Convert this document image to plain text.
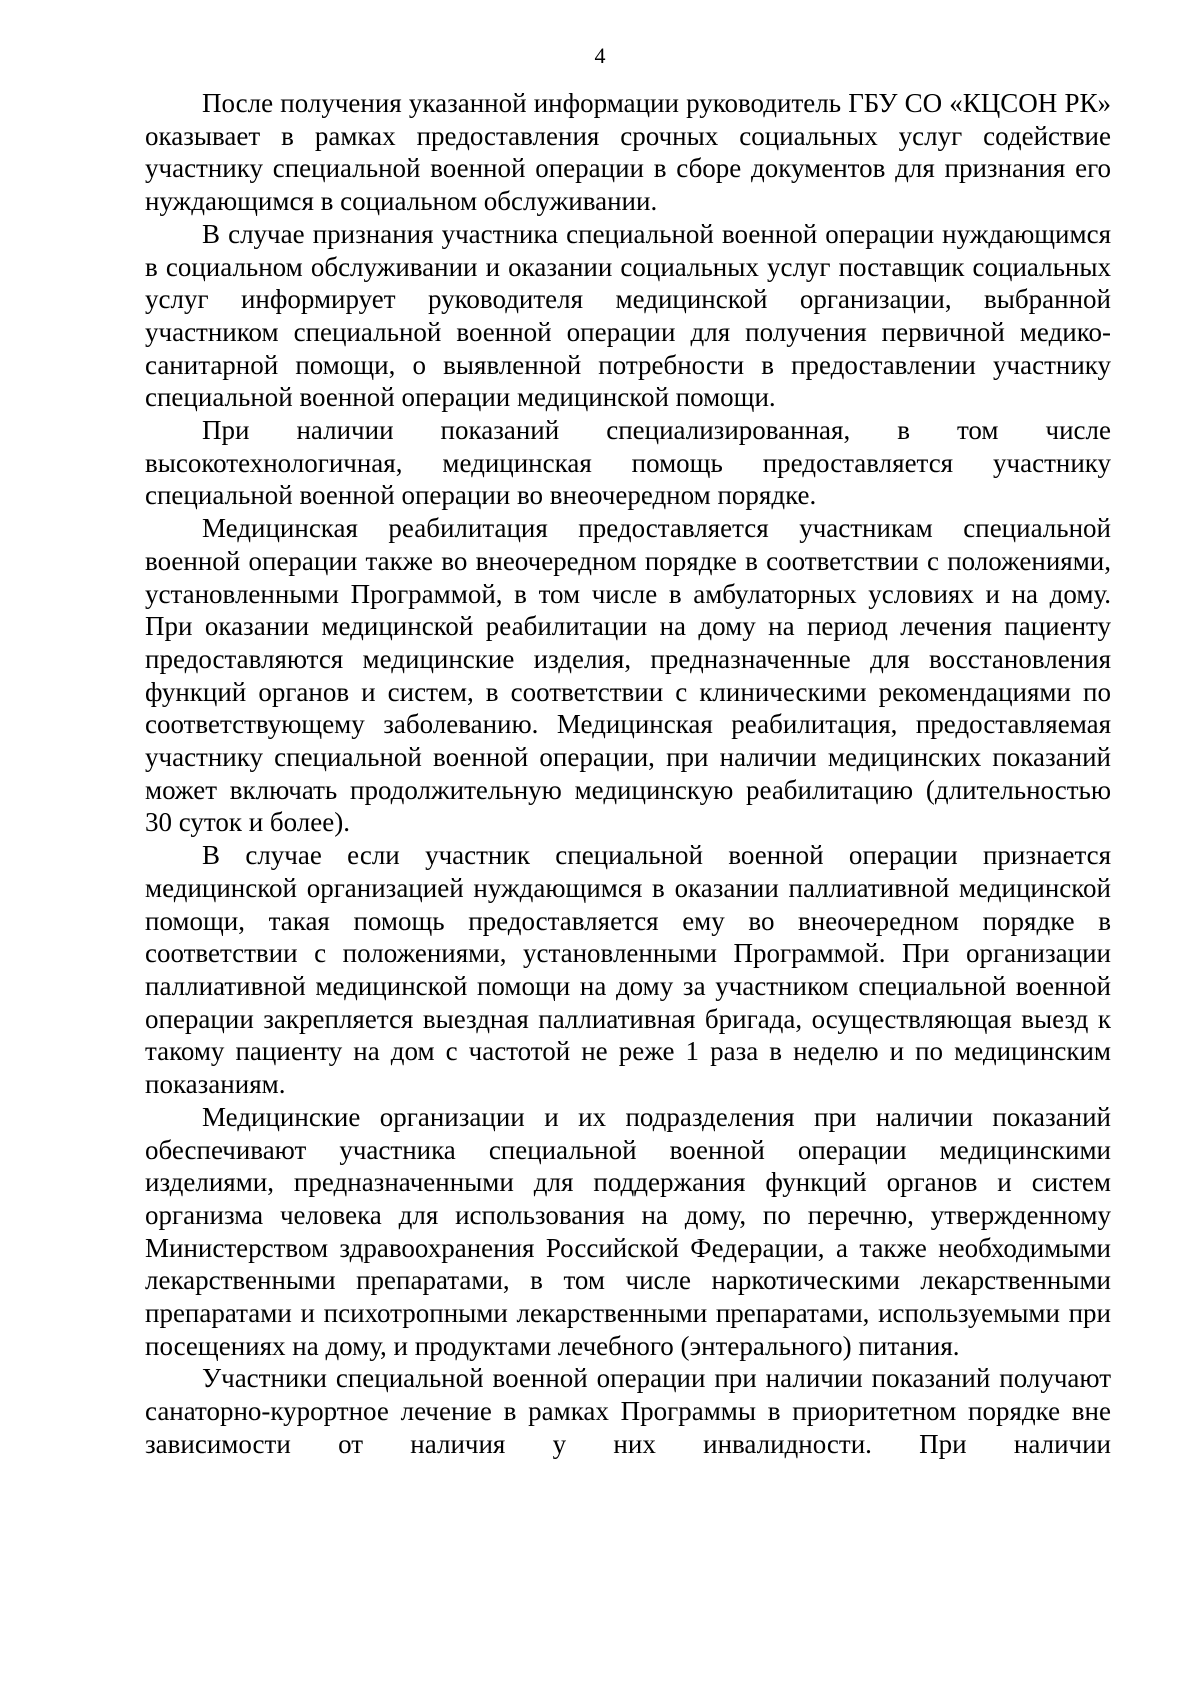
4

После получения указанной информации руководитель ГБУ СО «КЦСОН РК» оказывает в рамках предоставления срочных социальных услуг содействие участнику специальной военной операции в сборе документов для признания его нуждающимся в социальном обслуживании.

В случае признания участника специальной военной операции нуждающимся в социальном обслуживании и оказании социальных услуг поставщик социальных услуг информирует руководителя медицинской организации, выбранной участником специальной военной операции для получения первичной медико-санитарной помощи, о выявленной потребности в предоставлении участнику специальной военной операции медицинской помощи.

При наличии показаний специализированная, в том числе высокотехнологичная, медицинская помощь предоставляется участнику специальной военной операции во внеочередном порядке.

Медицинская реабилитация предоставляется участникам специальной военной операции также во внеочередном порядке в соответствии с положениями, установленными Программой, в том числе в амбулаторных условиях и на дому. При оказании медицинской реабилитации на дому на период лечения пациенту предоставляются медицинские изделия, предназначенные для восстановления функций органов и систем, в соответствии с клиническими рекомендациями по соответствующему заболеванию. Медицинская реабилитация, предоставляемая участнику специальной военной операции, при наличии медицинских показаний может включать продолжительную медицинскую реабилитацию (длительностью 30 суток и более).

В случае если участник специальной военной операции признается медицинской организацией нуждающимся в оказании паллиативной медицинской помощи, такая помощь предоставляется ему во внеочередном порядке в соответствии с положениями, установленными Программой. При организации паллиативной медицинской помощи на дому за участником специальной военной операции закрепляется выездная паллиативная бригада, осуществляющая выезд к такому пациенту на дом с частотой не реже 1 раза в неделю и по медицинским показаниям.

Медицинские организации и их подразделения при наличии показаний обеспечивают участника специальной военной операции медицинскими изделиями, предназначенными для поддержания функций органов и систем организма человека для использования на дому, по перечню, утвержденному Министерством здравоохранения Российской Федерации, а также необходимыми лекарственными препаратами, в том числе наркотическими лекарственными препаратами и психотропными лекарственными препаратами, используемыми при посещениях на дому, и продуктами лечебного (энтерального) питания.

Участники специальной военной операции при наличии показаний получают санаторно-курортное лечение в рамках Программы в приоритетном порядке вне зависимости от наличия у них инвалидности. При наличии
